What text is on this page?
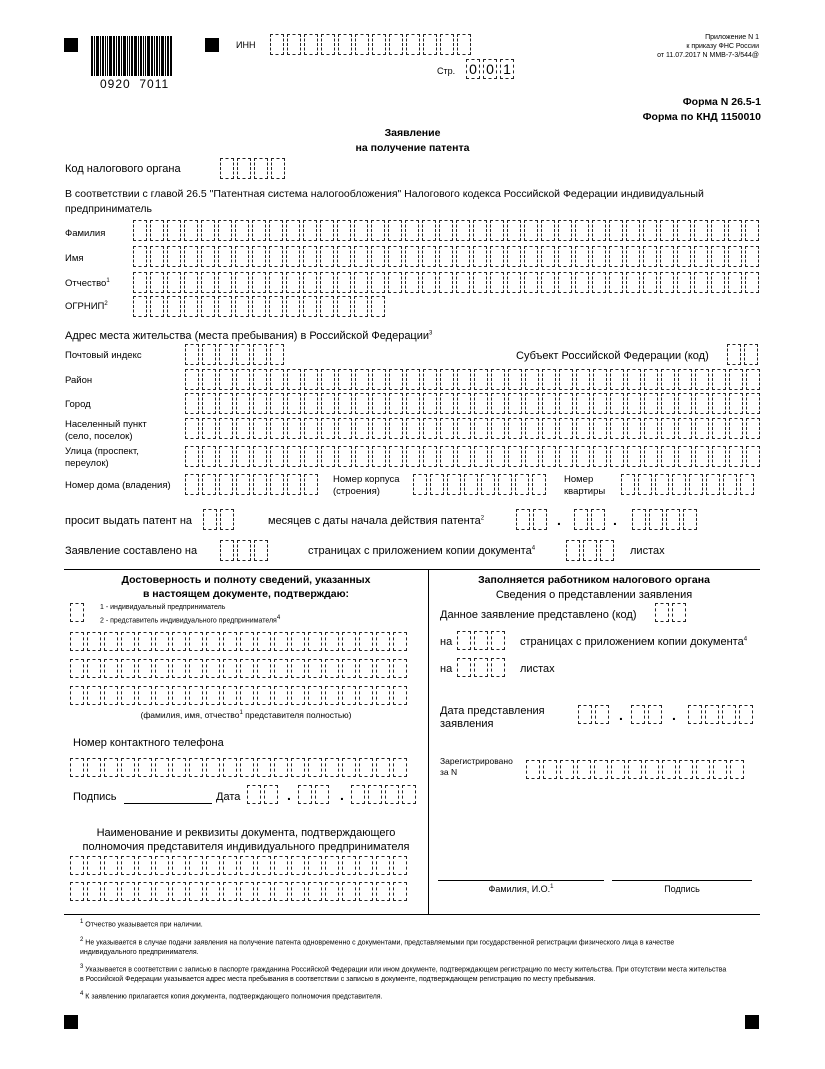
0920  7011
ИНН
Стр. 0 0 1
Приложение N 1
к приказу ФНС России
от 11.07.2017 N ММВ-7-3/544@
Форма N 26.5-1
Форма по КНД 1150010
Заявление
на получение патента
Код налогового органа
В соответствии с главой 26.5 "Патентная система налогообложения" Налогового кодекса Российской Федерации индивидуальный предприниматель
Фамилия
Имя
Отчество$^1$
ОГРНИП$^2$
Адрес места жительства (места пребывания) в Российской Федерации$^3$
Почтовый индекс	Субъект Российской Федерации (код)
Район
Город
Населенный пункт
(село, поселок)
Улица (проспект,
переулок)
Номер дома (владения)
Номер корпуса
(строения)
Номер
квартиры
просит выдать патент на	месяцев с даты начала действия патента$^2$	.	.
Заявление составлено на	страницах с приложением копии документа$^4$	листах
Достоверность и полноту сведений, указанных
в настоящем документе, подтверждаю:
1 - индивидуальный предприниматель
2 - представитель индивидуального предпринимателя$^4$
(фамилия, имя, отчество$^1$ представителя полностью)
Номер контактного телефона
Подпись	Дата	.	.
Наименование и реквизиты документа, подтверждающего
полномочия представителя индивидуального предпринимателя
Заполняется работником налогового органа
Сведения о представлении заявления
Данное заявление представлено (код)
на	страницах с приложением копии документа$^4$
на	листах
Дата представления
заявления
.	.
Зарегистрировано
за N
Фамилия, И.О.$^1$	Подпись
$^1$ Отчество указывается при наличии.
$^2$ Не указывается в случае подачи заявления на получение патента одновременно с документами, представляемыми при государственной регистрации физического лица в качестве индивидуального предпринимателя.
$^3$ Указывается в соответствии с записью в паспорте гражданина Российской Федерации или ином документе, подтверждающем регистрацию по месту жительства. При отсутствии места жительства в Российской Федерации указывается адрес места пребывания в соответствии с записью в документе, подтверждающем регистрацию по месту пребывания.
$^4$ К заявлению прилагается копия документа, подтверждающего полномочия представителя.
